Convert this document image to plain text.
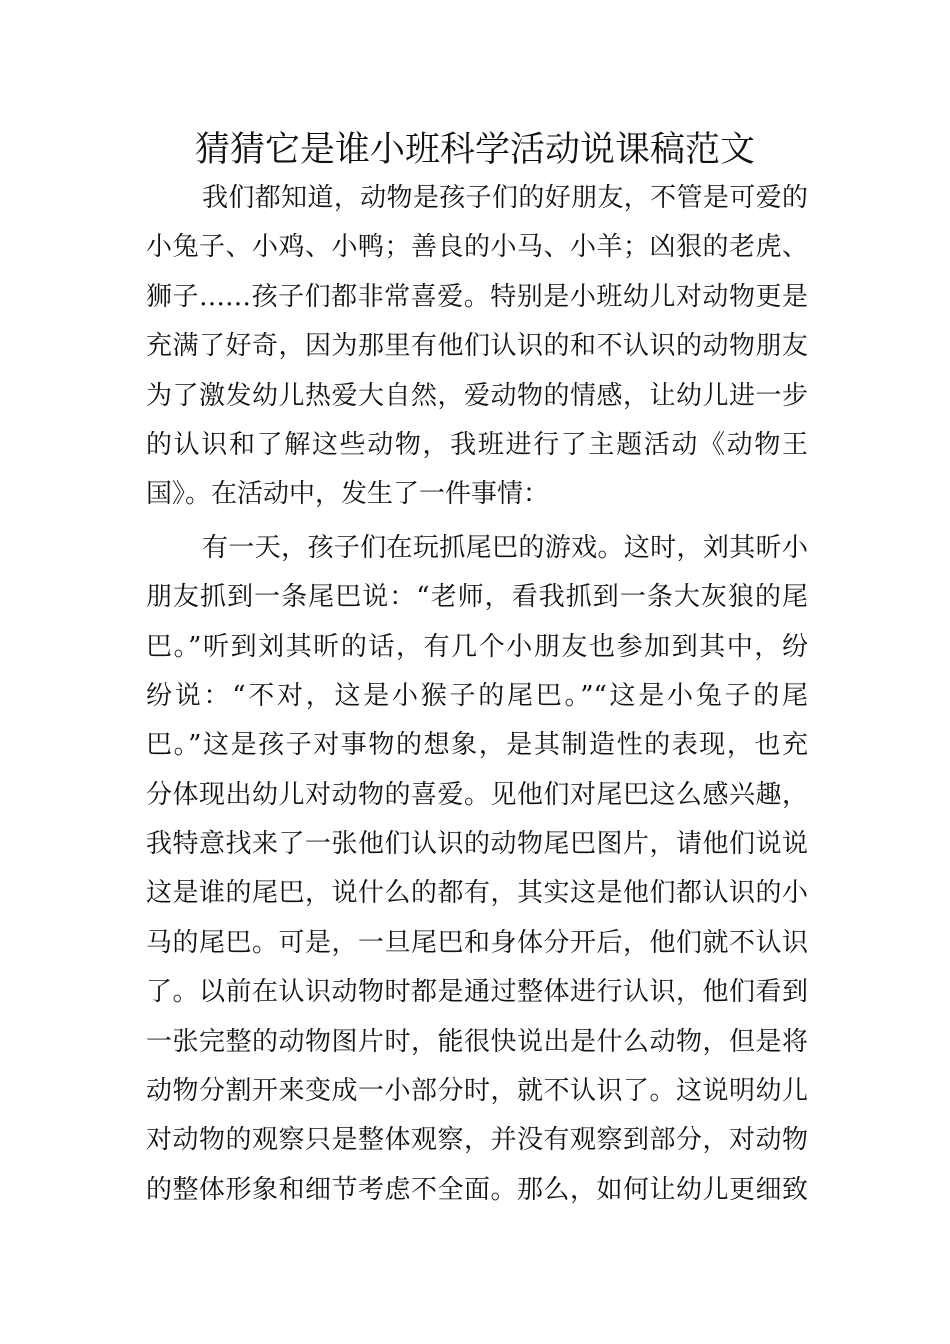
猜猜它是谁小班科学活动说课稿范文
我们都知道，动物是孩子们的好朋友，不管是可爱的
小兔子、小鸡、小鸭；善良的小马、小羊；凶狠的老虎、
狮子……孩子们都非常喜爱。特别是小班幼儿对动物更是
充满了好奇，因为那里有他们认识的和不认识的动物朋友
为了激发幼儿热爱大自然，爱动物的情感，让幼儿进一步
的认识和了解这些动物，我班进行了主题活动《动物王
国》。在活动中，发生了一件事情：
有一天，孩子们在玩抓尾巴的游戏。这时，刘其昕小
朋友抓到一条尾巴说：“老师，看我抓到一条大灰狼的尾
巴。”听到刘其昕的话，有几个小朋友也参加到其中，纷
纷说：“不对，这是小猴子的尾巴。”“这是小兔子的尾
巴。”这是孩子对事物的想象，是其制造性的表现，也充
分体现出幼儿对动物的喜爱。见他们对尾巴这么感兴趣，
我特意找来了一张他们认识的动物尾巴图片，请他们说说
这是谁的尾巴，说什么的都有，其实这是他们都认识的小
马的尾巴。可是，一旦尾巴和身体分开后，他们就不认识
了。以前在认识动物时都是通过整体进行认识，他们看到
一张完整的动物图片时，能很快说出是什么动物，但是将
动物分割开来变成一小部分时，就不认识了。这说明幼儿
对动物的观察只是整体观察，并没有观察到部分，对动物
的整体形象和细节考虑不全面。那么，如何让幼儿更细致
